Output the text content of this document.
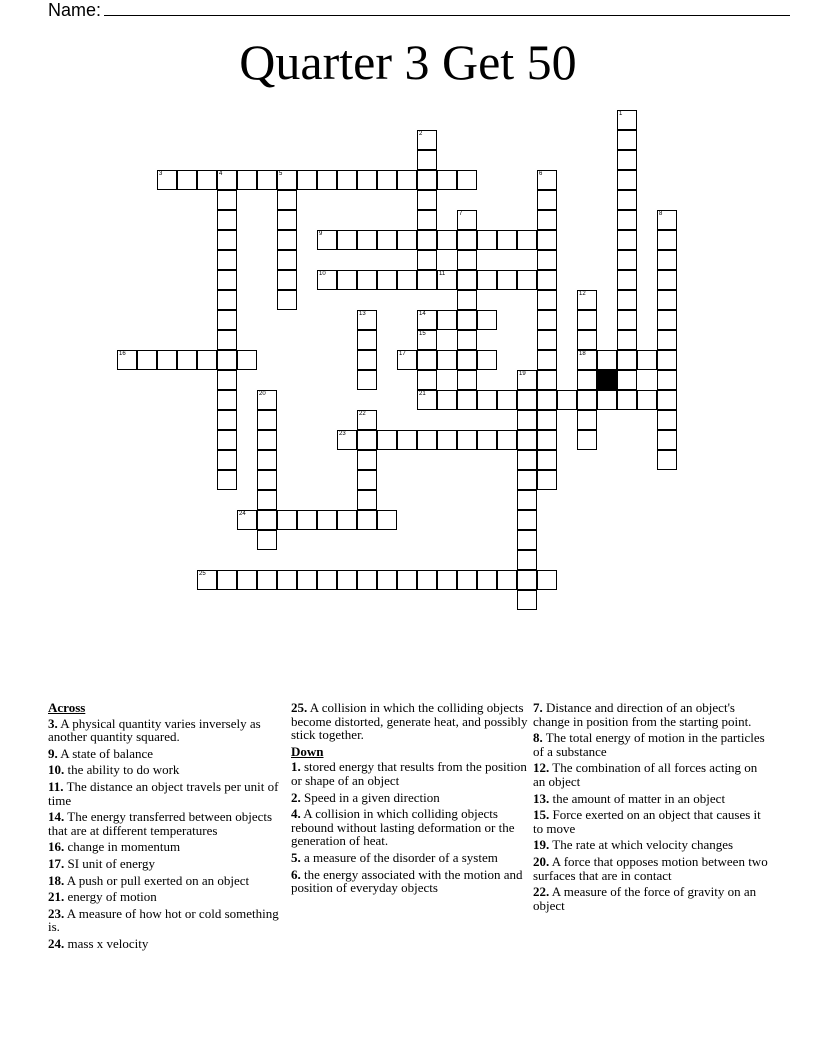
Name:
Quarter 3 Get 50
1
2
3	4	5	6
7	8
9
10	11
12
18
13	14
15
21
16	17
19
20
22
23
24
25
Across
3. A physical quantity varies inversely as another quantity squared.
9. A state of balance
10. the ability to do work
11. The distance an object travels per unit of time
14. The energy transferred between objects that are at different temperatures
16. change in momentum
17. SI unit of energy
18. A push or pull exerted on an object
21. energy of motion
23. A measure of how hot or cold something is.
24. mass x velocity
25. A collision in which the colliding objects become distorted, generate heat, and possibly stick together.
Down
1. stored energy that results from the position or shape of an object
2. Speed in a given direction
4. A collision in which colliding objects rebound without lasting deformation or the generation of heat.
5. a measure of the disorder of a system
6. the energy associated with the motion and position of everyday objects
7. Distance and direction of an object's change in position from the starting point.
8. The total energy of motion in the particles of a substance
12. The combination of all forces acting on an object
13. the amount of matter in an object
15. Force exerted on an object that causes it to move
19. The rate at which velocity changes
20. A force that opposes motion between two surfaces that are in contact
22. A measure of the force of gravity on an object
